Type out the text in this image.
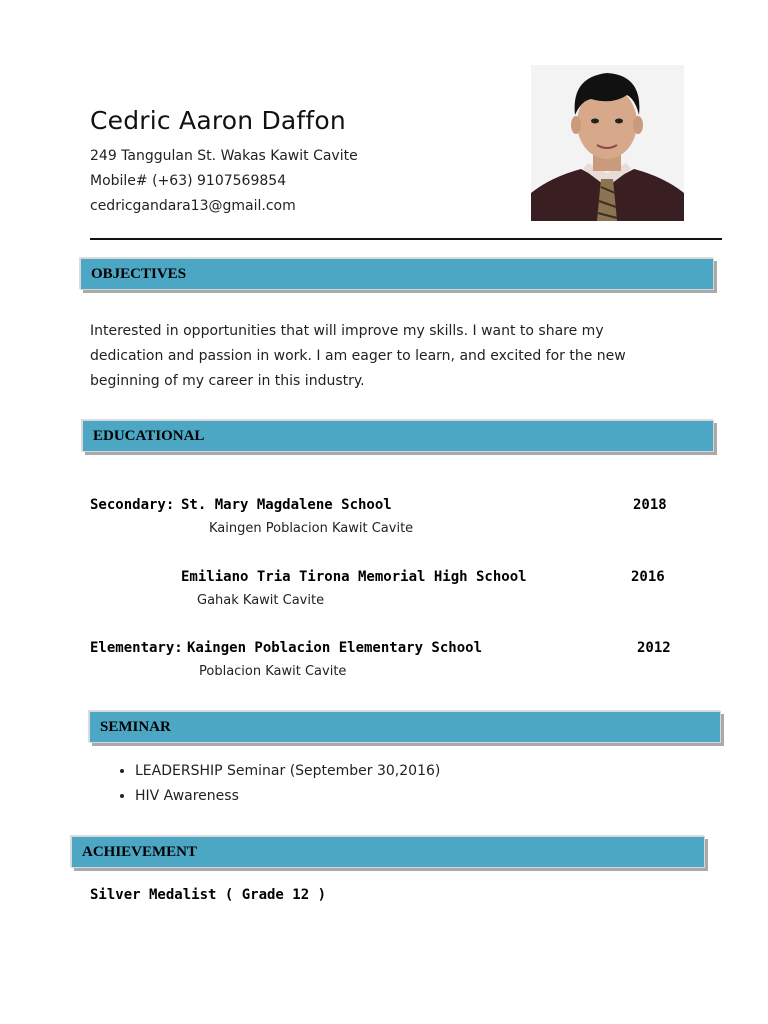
Cedric Aaron Daffon
249 Tanggulan St. Wakas Kawit Cavite
Mobile# (+63) 9107569854
cedricgandara13@gmail.com
OBJECTIVES
Interested in opportunities that will improve my skills. I want to share my dedication and passion in work. I am eager to learn, and excited for the new beginning of my career in this industry.
EDUCATIONAL
Secondary: St. Mary Magdalene School	2018
Kaingen Poblacion Kawit Cavite
Emiliano Tria Tirona Memorial High School	2016
Gahak Kawit Cavite
Elementary: Kaingen Poblacion Elementary School	2012
Poblacion Kawit Cavite
SEMINAR
• LEADERSHIP Seminar (September 30,2016)
• HIV Awareness
ACHIEVEMENT
Silver Medalist ( Grade 12 )
